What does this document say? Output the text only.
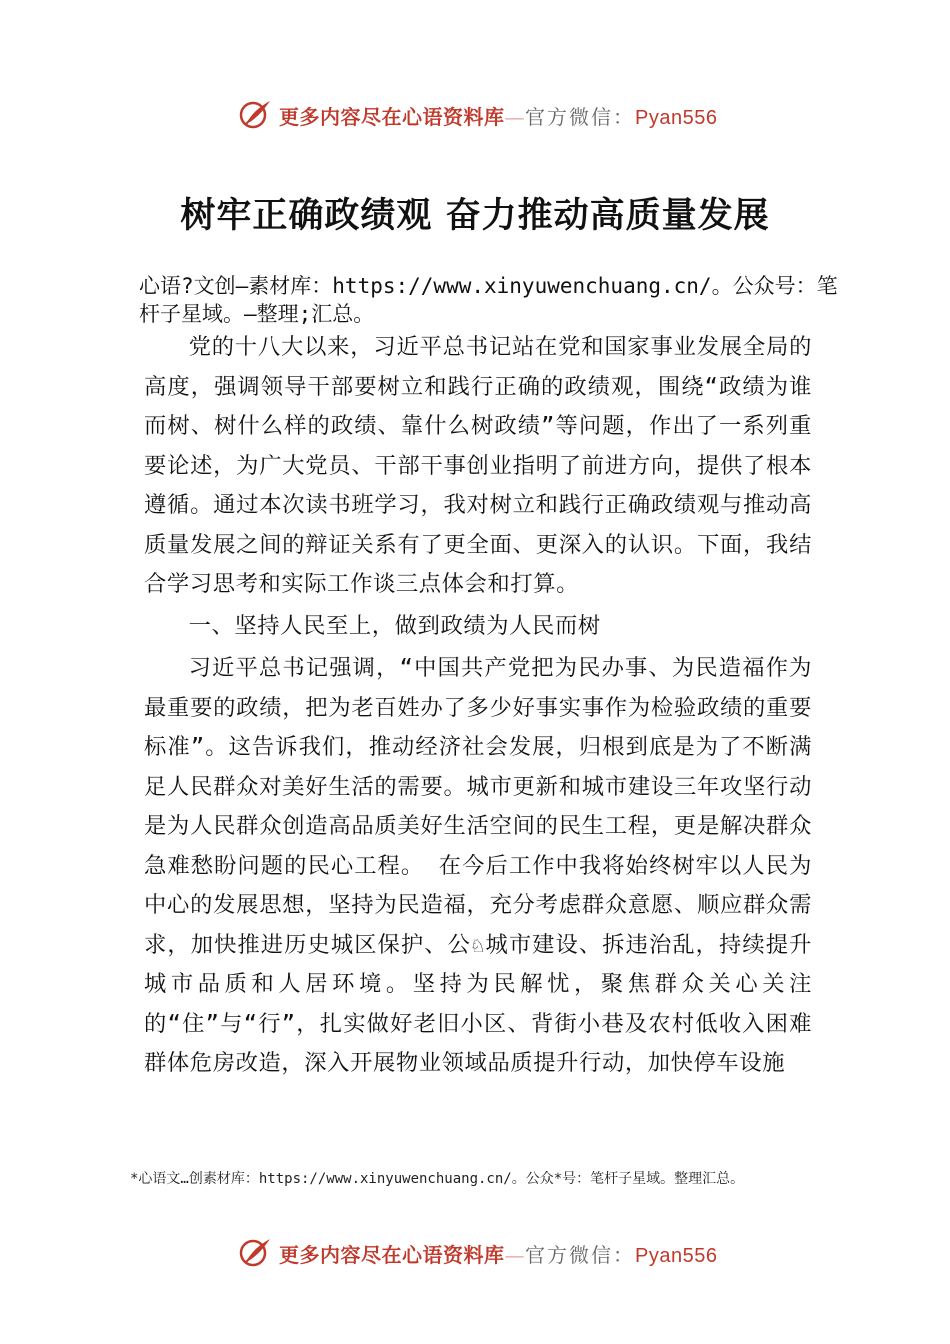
更多内容尽在心语资料库—官方微信：Pyan556
树牢正确政绩观 奋力推动高质量发展
心语?文创—素材库：https://www.xinyuwenchuang.cn/。公众号：笔杆子星域。—整理;汇总。

党的十八大以来，习近平总书记站在党和国家事业发展全局的高度，强调领导干部要树立和践行正确的政绩观，围绕“政绩为谁而树、树什么样的政绩、靠什么树政绩”等问题，作出了一系列重要论述，为广大党员、干部干事创业指明了前进方向，提供了根本遵循。通过本次读书班学习，我对树立和践行正确政绩观与推动高质量发展之间的辩证关系有了更全面、更深入的认识。下面，我结合学习思考和实际工作谈三点体会和打算。

一、坚持人民至上，做到政绩为人民而树

习近平总书记强调，“中国共产党把为民办事、为民造福作为最重要的政绩，把为老百姓办了多少好事实事作为检验政绩的重要标准”。这告诉我们，推动经济社会发展，归根到底是为了不断满足人民群众对美好生活的需要。城市更新和城市建设三年攻坚行动是为人民群众创造高品质美好生活空间的民生工程，更是解决群众急难愁盼问题的民心工程。 在今后工作中我将始终树牢以人民为中心的发展思想，坚持为民造福，充分考虑群众意愿、顺应群众需求，加快推进历史城区保护、公♘城市建设、拆违治乱，持续提升城市品质和人居环境。坚持为民解忧，聚焦群众关心关注的“住”与“行”，扎实做好老旧小区、背街小巷及农村低收入困难群体危房改造，深入开展物业领域品质提升行动，加快停车设施

*心语文…创素材库：https://www.xinyuwenchuang.cn/。公众*号：笔杆子星域。整理汇总。
更多内容尽在心语资料库—官方微信：Pyan556
